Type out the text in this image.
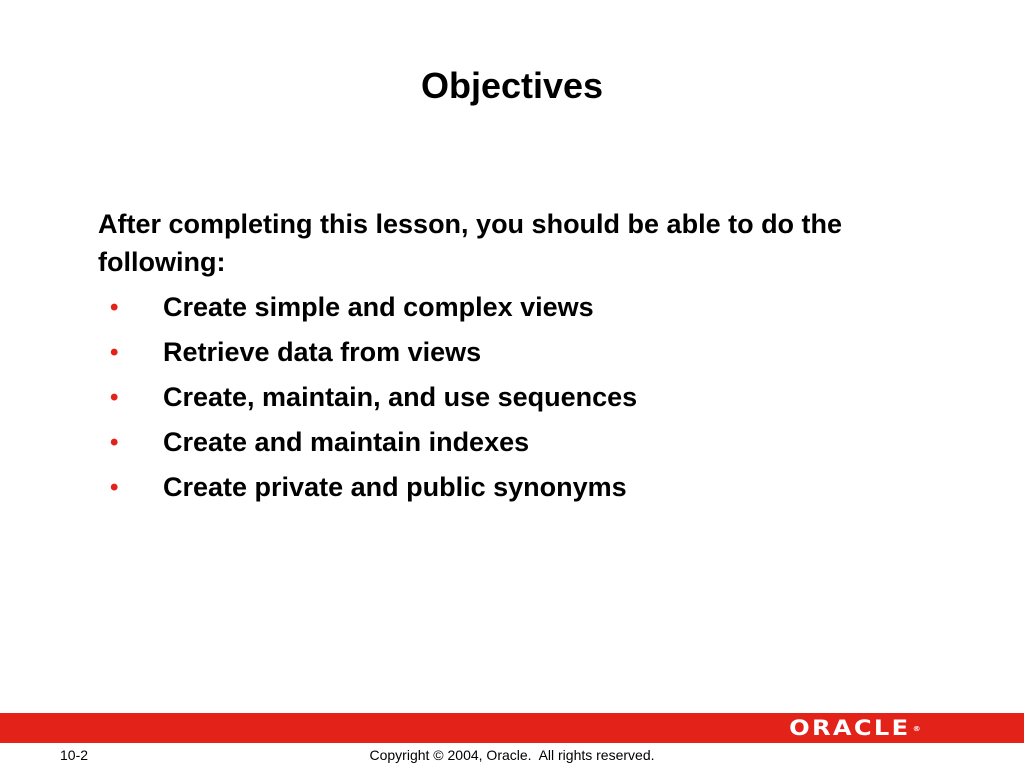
Objectives

After completing this lesson, you should be able to do the following:

• Create simple and complex views
• Retrieve data from views
• Create, maintain, and use sequences
• Create and maintain indexes
• Create private and public synonyms
ORACLE ®
10-2	Copyright © 2004, Oracle.  All rights reserved.
